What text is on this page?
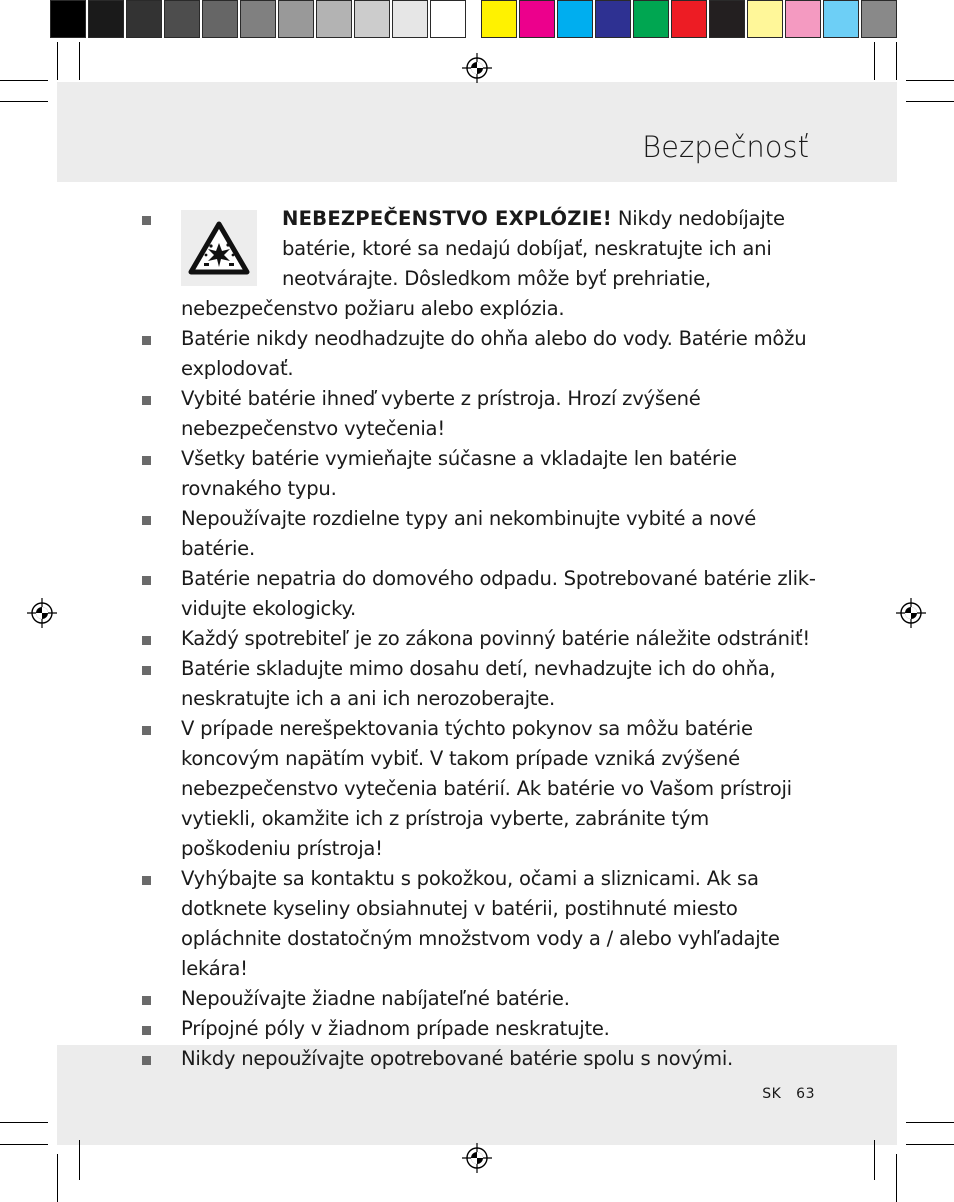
Bezpečnosť

NEBEZPEČENSTVO EXPLÓZIE! Nikdy nedobíjajte batérie, ktoré sa nedajú dobíjať, neskratujte ich ani neotvárajte. Dôsledkom môže byť prehriatie, nebezpečenstvo požiaru alebo explózia.

Batérie nikdy neodhadzujte do ohňa alebo do vody. Batérie môžu explodovať.

Vybité batérie ihneď vyberte z prístroja. Hrozí zvýšené nebezpečenstvo vytečenia!

Všetky batérie vymieňajte súčasne a vkladajte len batérie rovnakého typu.

Nepoužívajte rozdielne typy ani nekombinujte vybité a nové batérie.

Batérie nepatria do domového odpadu. Spotrebované batérie zlikvidujte ekologicky.

Každý spotrebiteľ je zo zákona povinný batérie náležite odstrániť!

Batérie skladujte mimo dosahu detí, nevhadzujte ich do ohňa, neskratujte ich a ani ich nerozoberajte.

V prípade nerešpektovania týchto pokynov sa môžu batérie koncovým napätím vybiť. V takom prípade vzniká zvýšené nebezpečenstvo vytečenia batérií. Ak batérie vo Vašom prístroji vytiekli, okamžite ich z prístroja vyberte, zabránite tým poškodeniu prístroja!

Vyhýbajte sa kontaktu s pokožkou, očami a sliznicami. Ak sa dotknete kyseliny obsiahnutej v batérii, postihnuté miesto opláchnite dostatočným množstvom vody a / alebo vyhľadajte lekára!

Nepoužívajte žiadne nabíjateľné batérie.

Prípojné póly v žiadnom prípade neskratujte.

Nikdy nepoužívajte opotrebované batérie spolu s novými.

SK 63
